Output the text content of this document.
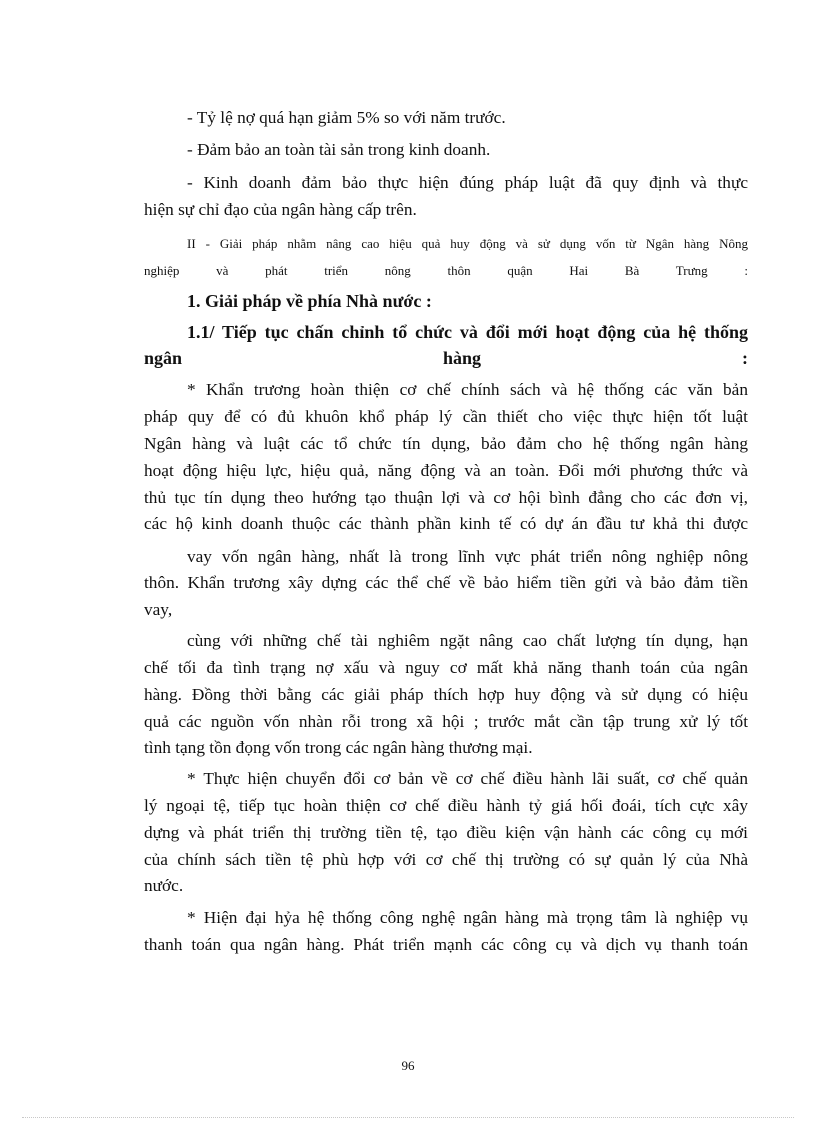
- Tỷ lệ nợ quá hạn giảm 5% so với năm trước.
- Đảm bảo an toàn tài sản trong kinh doanh.
- Kinh doanh đảm bảo thực hiện đúng pháp luật đã quy định và thực
hiện sự chỉ đạo của ngân hàng cấp trên.
II - Giải pháp nhằm nâng cao hiệu quả huy động và sử dụng vốn từ Ngân hàng Nông
nghiệp và phát triển nông thôn quận Hai Bà Trưng :
1. Giải pháp về phía Nhà nước :
1.1/ Tiếp tục chấn chỉnh tổ chức và đổi mới hoạt động của hệ thống
ngân hàng :
* Khẩn trương hoàn thiện cơ chế chính sách và hệ thống các văn bản
pháp quy để có đủ khuôn khổ pháp lý cần thiết cho việc thực hiện tốt luật
Ngân hàng và luật các tổ chức tín dụng, bảo đảm cho hệ thống ngân hàng
hoạt động hiệu lực, hiệu quả, năng động và an toàn. Đổi mới phương thức và
thủ tục tín dụng theo hướng tạo thuận lợi và cơ hội bình đẳng cho các đơn vị,
các hộ kinh doanh thuộc các thành phần kinh tế có dự án đầu tư khả thi được
vay vốn ngân hàng, nhất là trong lĩnh vực phát triển nông nghiệp nông
thôn. Khẩn trương xây dựng các thể chế về bảo hiểm tiền gửi và bảo đảm tiền
vay,
cùng với những chế tài nghiêm ngặt nâng cao chất lượng tín dụng, hạn
chế tối đa tình trạng nợ xấu và nguy cơ mất khả năng thanh toán của ngân
hàng. Đồng thời bằng các giải pháp thích hợp huy động và sử dụng có hiệu
quả các nguồn vốn nhàn rỗi trong xã hội ; trước mắt cần tập trung xử lý tốt
tình tạng tồn đọng vốn trong các ngân hàng thương mại.
* Thực hiện chuyển đổi cơ bản về cơ chế điều hành lãi suất, cơ chế quản
lý ngoại tệ, tiếp tục hoàn thiện cơ chế điều hành tỷ giá hối đoái, tích cực xây
dựng và phát triển thị trường tiền tệ, tạo điều kiện vận hành các công cụ mới
của chính sách tiền tệ phù hợp với cơ chế thị trường có sự quản lý của Nhà
nước.
* Hiện đại hỷa hệ thống công nghệ ngân hàng mà trọng tâm là nghiệp vụ
thanh toán qua ngân hàng. Phát triển mạnh các công cụ và dịch vụ thanh toán
96
